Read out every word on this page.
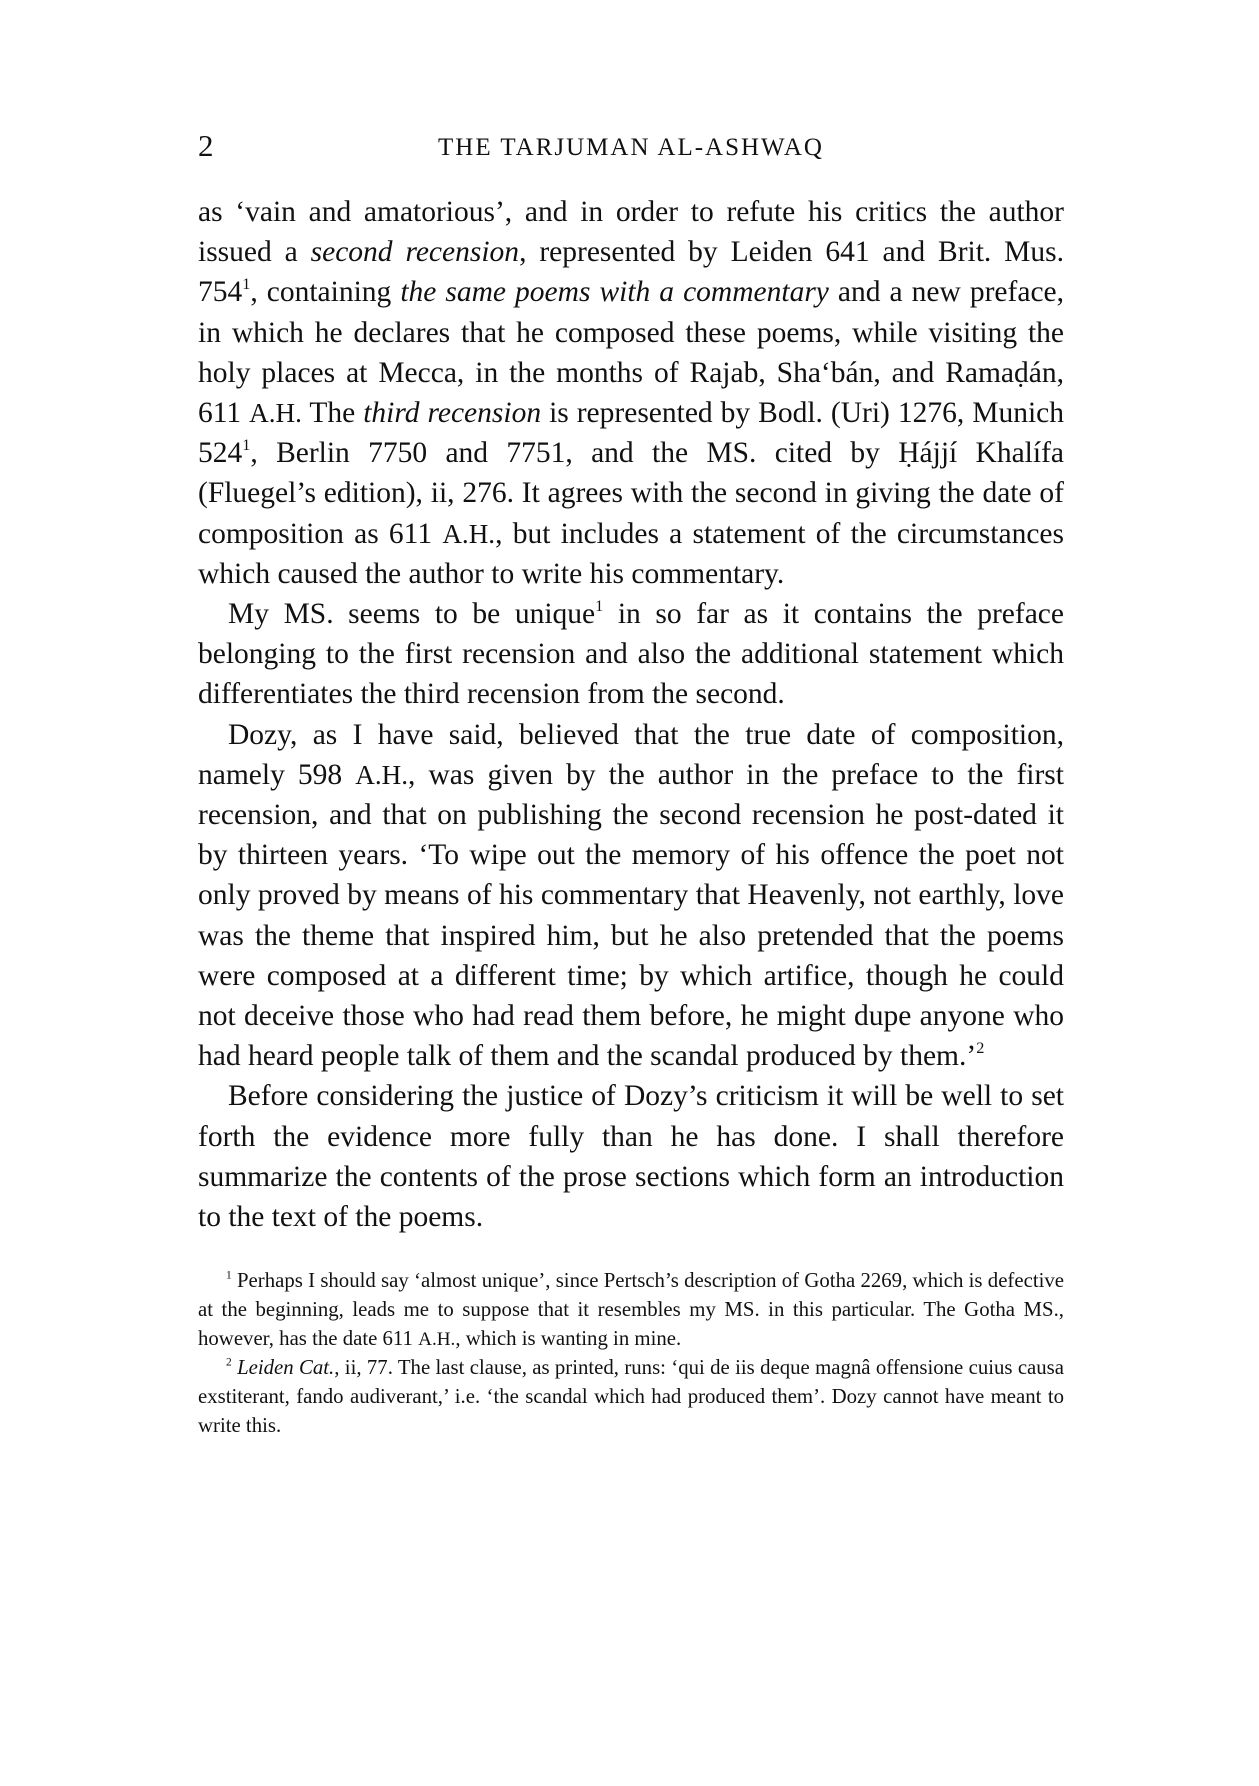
2	THE TARJUMAN AL-ASHWAQ

as ‘vain and amatorious’, and in order to refute his critics the author issued a second recension, represented by Leiden 641 and Brit. Mus. $754^1$, containing the same poems with a commentary and a new preface, in which he declares that he composed these poems, while visiting the holy places at Mecca, in the months of Rajab, Sha‘bán, and Ramaḍán, 611 A.H. The third recension is represented by Bodl. (Uri) 1276, Munich $524^1$, Berlin 7750 and 7751, and the MS. cited by Ḥájjí Khalífa (Fluegel’s edition), ii, 276. It agrees with the second in giving the date of composition as 611 A.H., but includes a statement of the circumstances which caused the author to write his commentary.

My MS. seems to be unique$^1$ in so far as it contains the preface belonging to the first recension and also the additional statement which differentiates the third recension from the second.

Dozy, as I have said, believed that the true date of composition, namely 598 A.H., was given by the author in the preface to the first recension, and that on publishing the second recension he post-dated it by thirteen years. ‘To wipe out the memory of his offence the poet not only proved by means of his commentary that Heavenly, not earthly, love was the theme that inspired him, but he also pretended that the poems were composed at a different time; by which artifice, though he could not deceive those who had read them before, he might dupe anyone who had heard people talk of them and the scandal produced by them.’$^2$

Before considering the justice of Dozy’s criticism it will be well to set forth the evidence more fully than he has done. I shall therefore summarize the contents of the prose sections which form an introduction to the text of the poems.

$^1$ Perhaps I should say ‘almost unique’, since Pertsch’s description of Gotha 2269, which is defective at the beginning, leads me to suppose that it resembles my MS. in this particular. The Gotha MS., however, has the date 611 A.H., which is wanting in mine.

$^2$ Leiden Cat., ii, 77. The last clause, as printed, runs: ‘qui de iis deque magnâ offensione cuius causa exstiterant, fando audiverant,’ i.e. ‘the scandal which had produced them’. Dozy cannot have meant to write this.
